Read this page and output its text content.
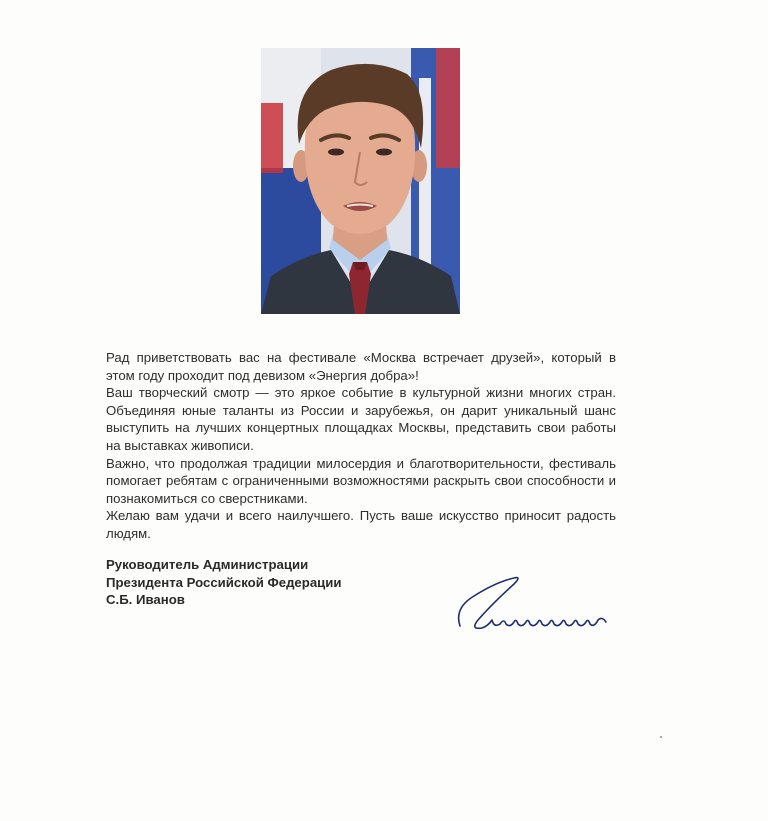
Рад приветствовать вас на фестивале «Москва встречает друзей», который в этом году проходит под девизом «Энергия добра»!

Ваш творческий смотр — это яркое событие в культурной жизни многих стран. Объединяя юные таланты из России и зарубежья, он дарит уникальный шанс выступить на лучших концертных площадках Москвы, представить свои работы на выставках живописи.

Важно, что продолжая традиции милосердия и благотворительности, фестиваль помогает ребятам с ограниченными возможностями раскрыть свои способности и познакомиться со сверстниками.

Желаю вам удачи и всего наилучшего. Пусть ваше искусство приносит радость людям.

Руководитель Администрации
Президента Российской Федерации
С.Б. Иванов
